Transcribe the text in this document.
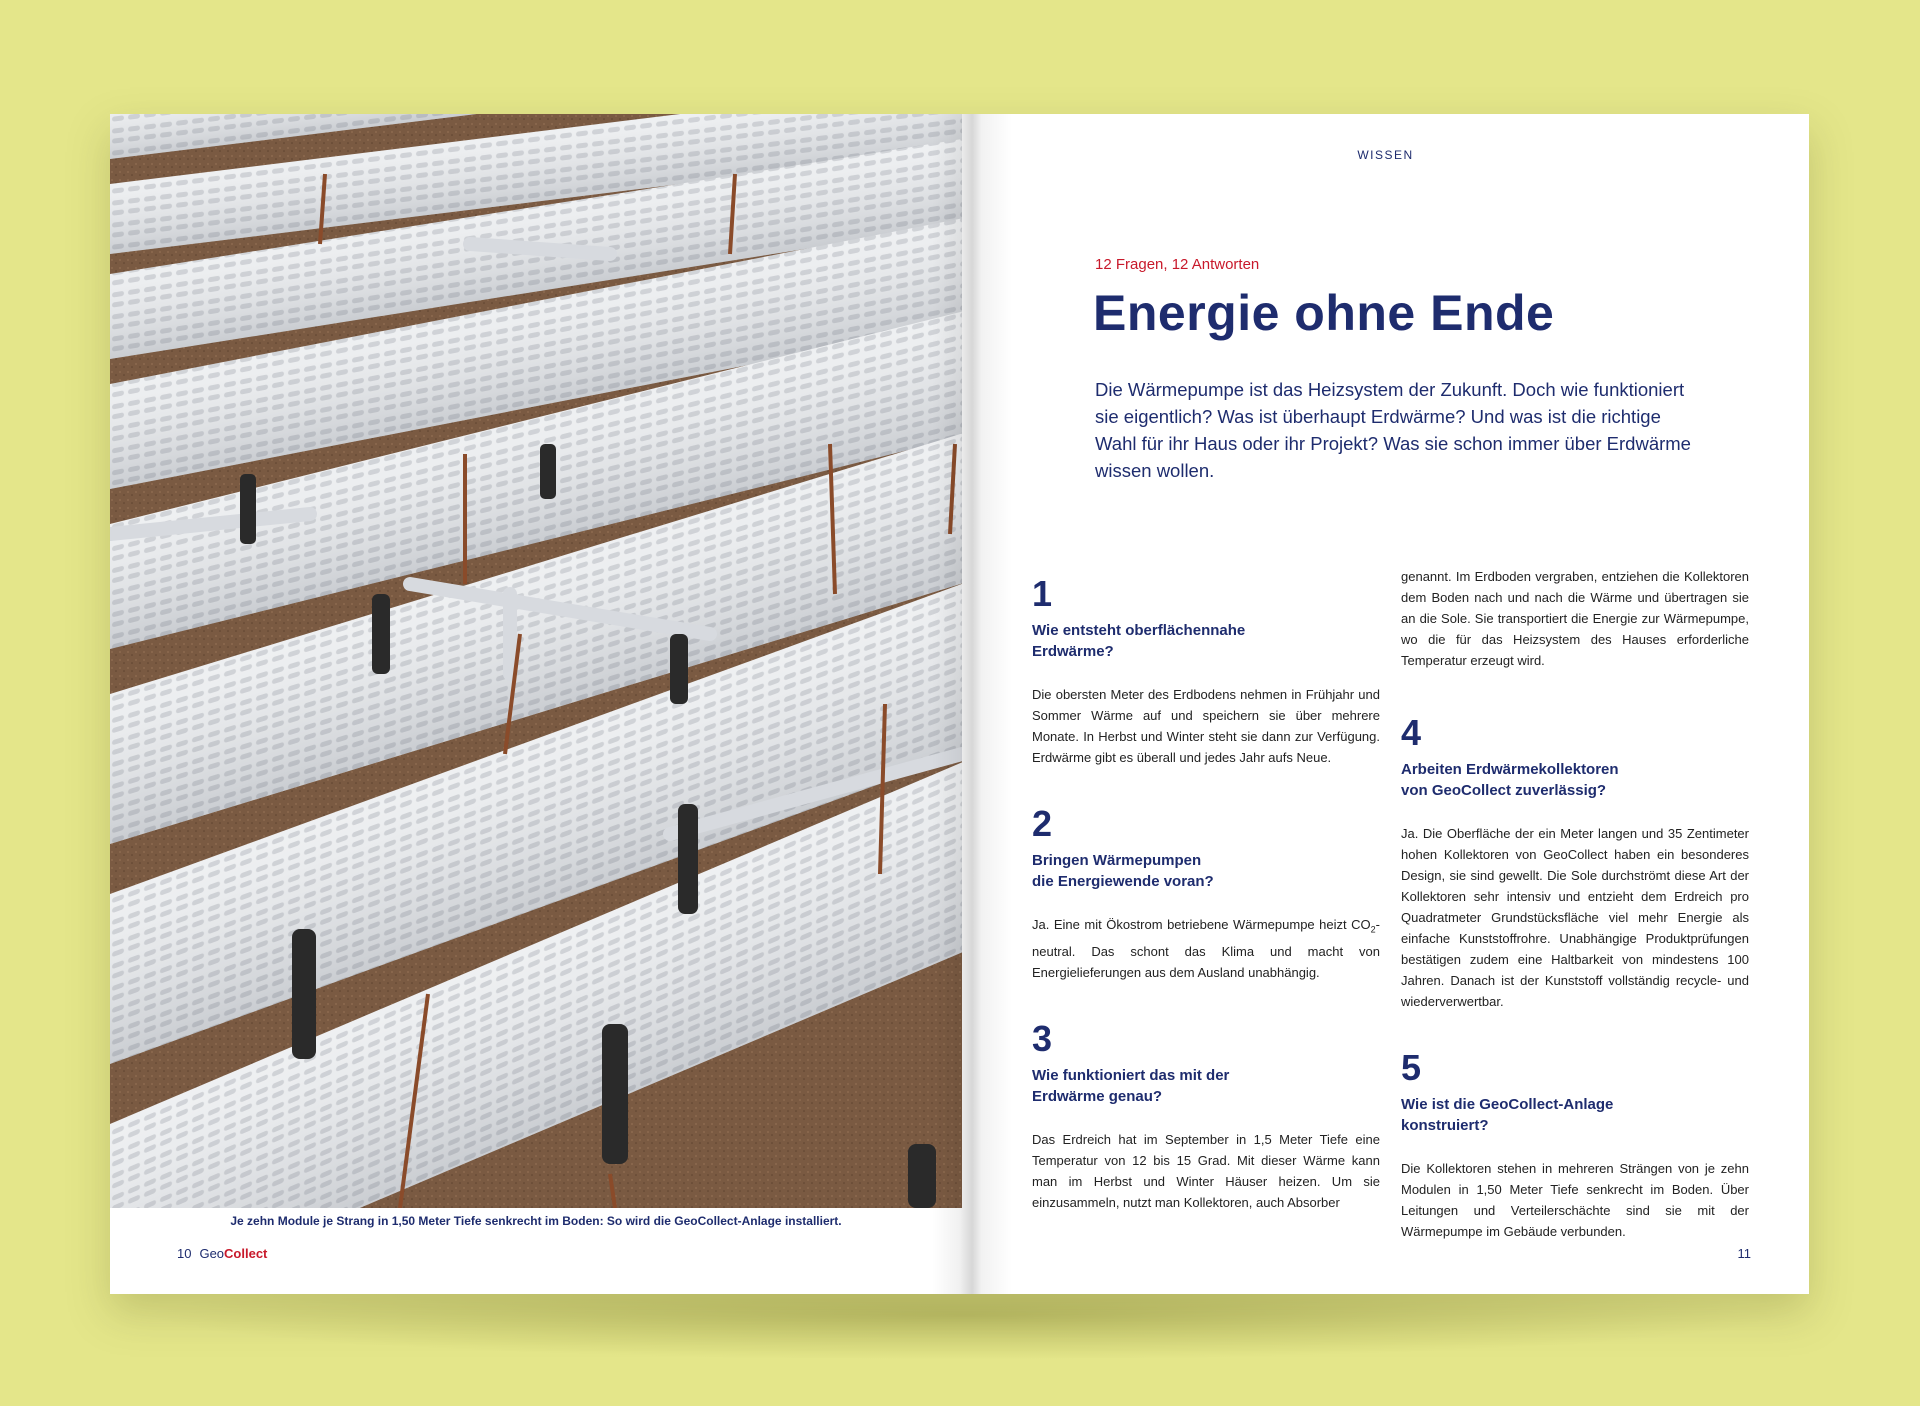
Je zehn Module je Strang in 1,50 Meter Tiefe senkrecht im Boden: So wird die GeoCollect-Anlage installiert.
10 GeoCollect
WISSEN
12 Fragen, 12 Antworten
Energie ohne Ende
Die Wärmepumpe ist das Heizsystem der Zukunft. Doch wie funktioniert sie eigentlich? Was ist überhaupt Erdwärme? Und was ist die richtige Wahl für ihr Haus oder ihr Projekt? Was sie schon immer über Erdwärme wissen wollen.

1

Wie entsteht oberflächennahe
Erdwärme?

Die obersten Meter des Erdbodens nehmen in Frühjahr und Sommer Wärme auf und speichern sie über mehrere Monate. In Herbst und Winter steht sie dann zur Verfügung. Erdwärme gibt es überall und jedes Jahr aufs Neue.

2

Bringen Wärmepumpen
die Energiewende voran?

Ja. Eine mit Ökostrom betriebene Wärmepumpe heizt $CO_2$-neutral. Das schont das Klima und macht von Energielieferungen aus dem Ausland unabhängig.

3

Wie funktioniert das mit der
Erdwärme genau?

Das Erdreich hat im September in 1,5 Meter Tiefe eine Temperatur von 12 bis 15 Grad. Mit dieser Wärme kann man im Herbst und Winter Häuser heizen. Um sie einzusammeln, nutzt man Kollektoren, auch Absorber

genannt. Im Erdboden vergraben, entziehen die Kollektoren dem Boden nach und nach die Wärme und übertragen sie an die Sole. Sie transportiert die Energie zur Wärmepumpe, wo die für das Heizsystem des Hauses erforderliche Temperatur erzeugt wird.

4

Arbeiten Erdwärmekollektoren
von GeoCollect zuverlässig?

Ja. Die Oberfläche der ein Meter langen und 35 Zentimeter hohen Kollektoren von GeoCollect haben ein besonderes Design, sie sind gewellt. Die Sole durchströmt diese Art der Kollektoren sehr intensiv und entzieht dem Erdreich pro Quadratmeter Grundstücksfläche viel mehr Energie als einfache Kunststoffrohre. Unabhängige Produktprüfungen bestätigen zudem eine Haltbarkeit von mindestens 100 Jahren. Danach ist der Kunststoff vollständig recycle- und wiederverwertbar.

5

Wie ist die GeoCollect-Anlage
konstruiert?

Die Kollektoren stehen in mehreren Strängen von je zehn Modulen in 1,50 Meter Tiefe senkrecht im Boden. Über Leitungen und Verteilerschächte sind sie mit der Wärmepumpe im Gebäude verbunden.

11
